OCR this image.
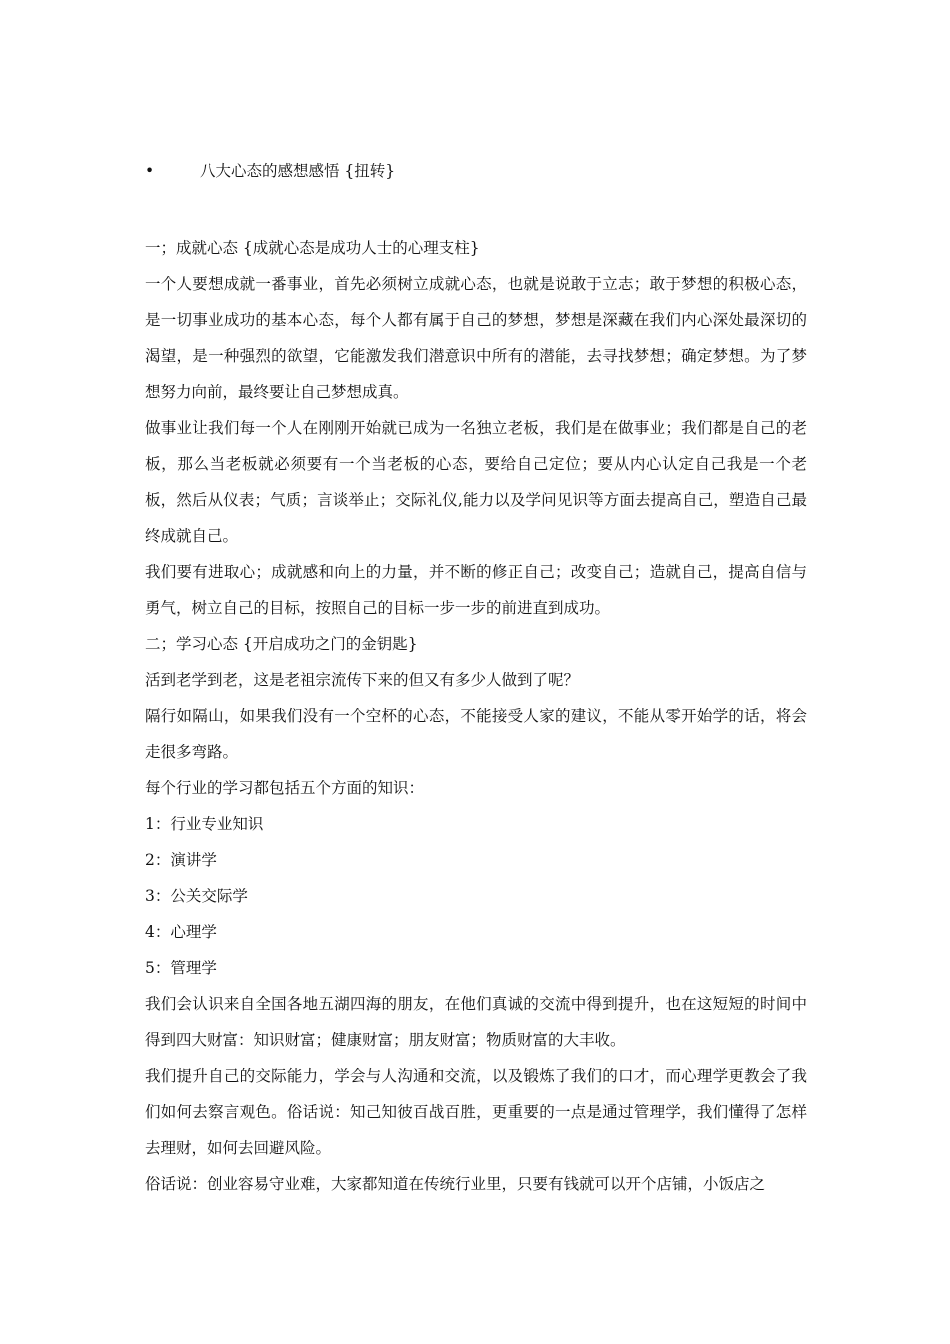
•	八大心态的感想感悟 {扭转}

一；成就心态 {成就心态是成功人士的心理支柱}

一个人要想成就一番事业，首先必须树立成就心态，也就是说敢于立志；敢于梦想的积极心态，是一切事业成功的基本心态，每个人都有属于自己的梦想，梦想是深藏在我们内心深处最深切的渴望，是一种强烈的欲望，它能激发我们潜意识中所有的潜能，去寻找梦想；确定梦想。为了梦想努力向前，最终要让自己梦想成真。

做事业让我们每一个人在刚刚开始就已成为一名独立老板，我们是在做事业；我们都是自己的老板，那么当老板就必须要有一个当老板的心态，要给自己定位；要从内心认定自己我是一个老板，然后从仪表；气质；言谈举止；交际礼仪,能力以及学问见识等方面去提高自己，塑造自己最终成就自己。

我们要有进取心；成就感和向上的力量，并不断的修正自己；改变自己；造就自己，提高自信与勇气，树立自己的目标，按照自己的目标一步一步的前进直到成功。

二；学习心态 {开启成功之门的金钥匙}

活到老学到老，这是老祖宗流传下来的但又有多少人做到了呢？

隔行如隔山，如果我们没有一个空杯的心态，不能接受人家的建议，不能从零开始学的话，将会走很多弯路。

每个行业的学习都包括五个方面的知识：

1：行业专业知识

2：演讲学

3：公关交际学

4：心理学

5：管理学

我们会认识来自全国各地五湖四海的朋友，在他们真诚的交流中得到提升，也在这短短的时间中得到四大财富：知识财富；健康财富；朋友财富；物质财富的大丰收。

我们提升自己的交际能力，学会与人沟通和交流，以及锻炼了我们的口才，而心理学更教会了我们如何去察言观色。俗话说：知己知彼百战百胜，更重要的一点是通过管理学，我们懂得了怎样去理财，如何去回避风险。

俗话说：创业容易守业难，大家都知道在传统行业里，只要有钱就可以开个店铺，小饭店之
